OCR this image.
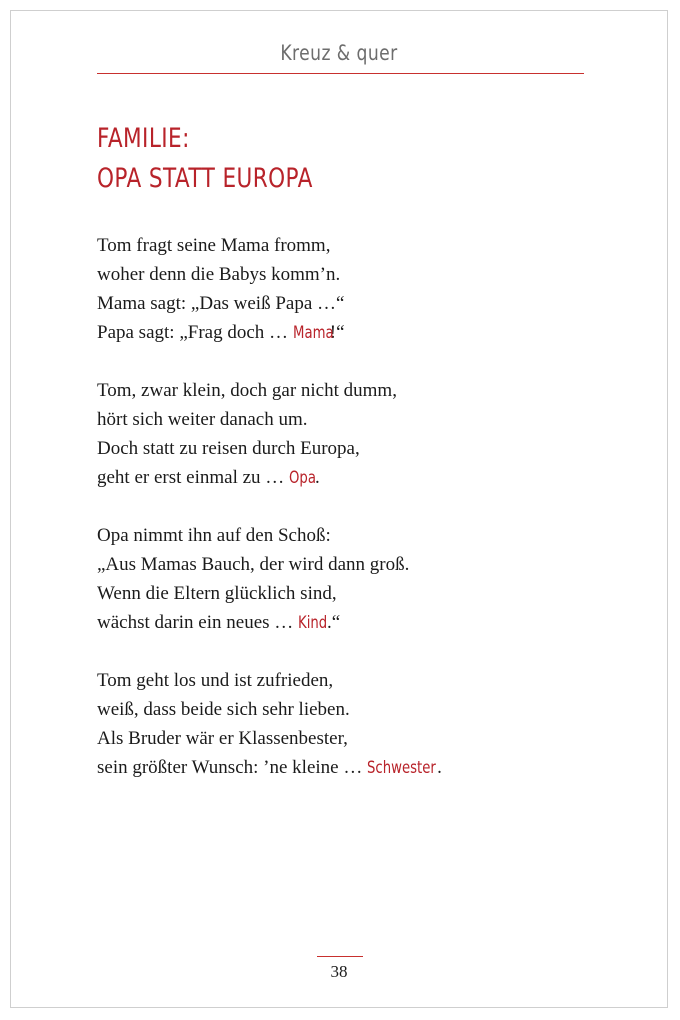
Kreuz & quer
FAMILIE:
OPA STATT EUROPA
Tom fragt seine Mama fromm,
woher denn die Babys komm’n.
Mama sagt: „Das weiß Papa …“
Papa sagt: „Frag doch … Mama!“
Tom, zwar klein, doch gar nicht dumm,
hört sich weiter danach um.
Doch statt zu reisen durch Europa,
geht er erst einmal zu … Opa.
Opa nimmt ihn auf den Schoß:
„Aus Mamas Bauch, der wird dann groß.
Wenn die Eltern glücklich sind,
wächst darin ein neues … Kind.“
Tom geht los und ist zufrieden,
weiß, dass beide sich sehr lieben.
Als Bruder wär er Klassenbester,
sein größter Wunsch: ’ne kleine … Schwester.
38
